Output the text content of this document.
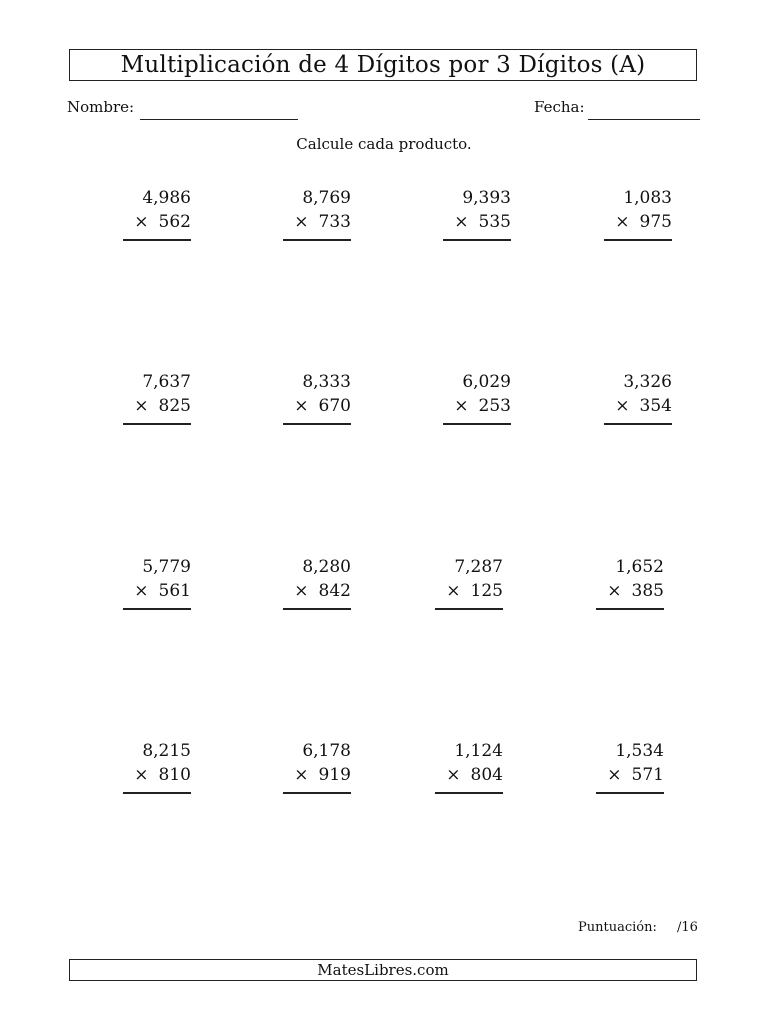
Multiplicación de 4 Dígitos por 3 Dígitos (A)
Nombre:	Fecha:
Calcule cada producto.
4,986
× 562
8,769
× 733
9,393
× 535
1,083
× 975
7,637
× 825
8,333
× 670
6,029
× 253
3,326
× 354
5,779
× 561
8,280
× 842
7,287
× 125
1,652
× 385
8,215
× 810
6,178
× 919
1,124
× 804
1,534
× 571
Puntuación: /16
MatesLibres.com
